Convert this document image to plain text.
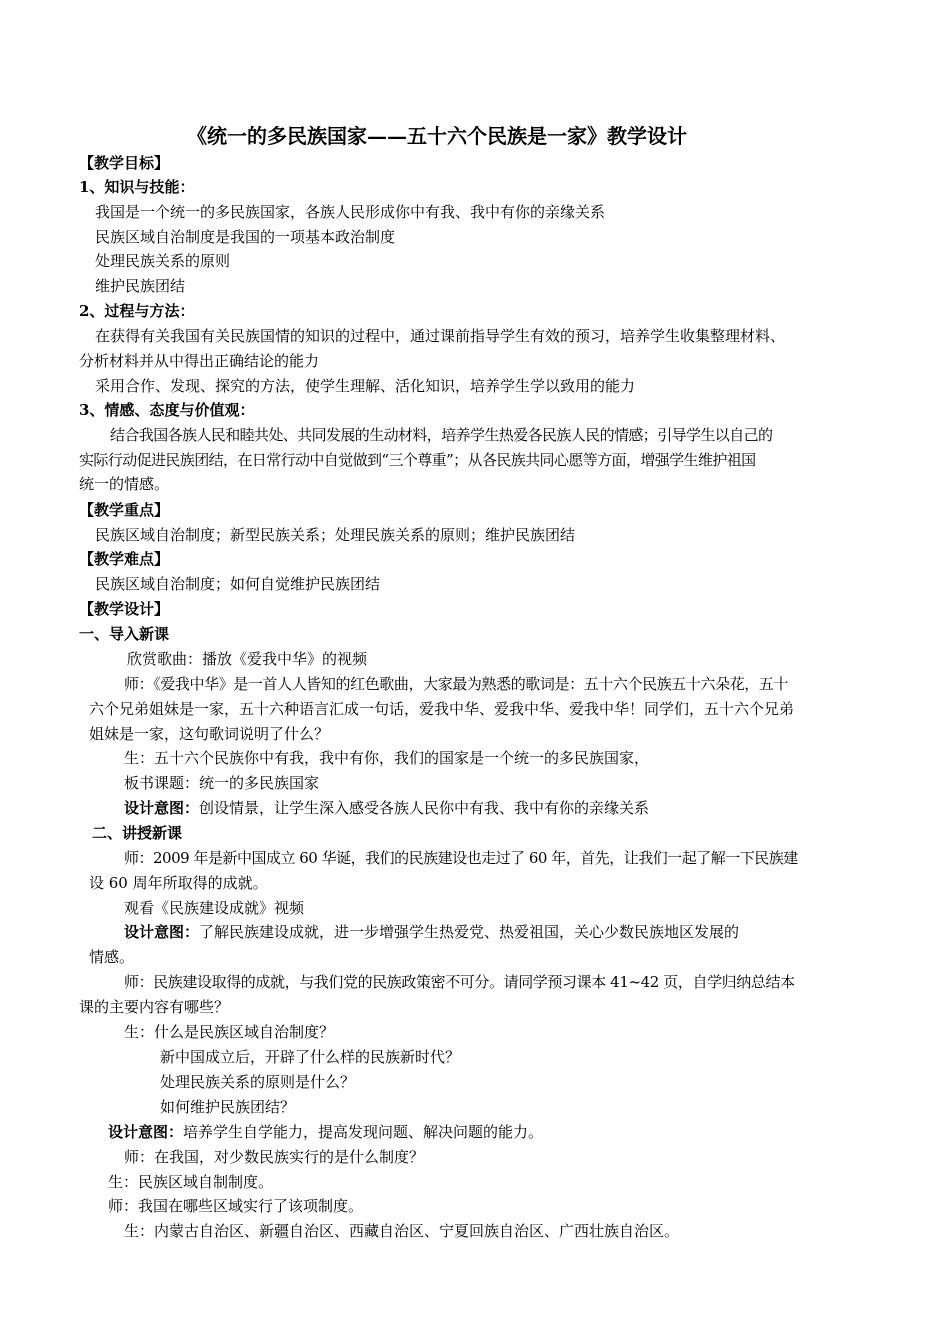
《统一的多民族国家——五十六个民族是一家》教学设计
【教学目标】
1、知识与技能：
我国是一个统一的多民族国家，各族人民形成你中有我、我中有你的亲缘关系
民族区域自治制度是我国的一项基本政治制度
处理民族关系的原则
维护民族团结
2、过程与方法：
在获得有关我国有关民族国情的知识的过程中，通过课前指导学生有效的预习，培养学生收集整理材料、
分析材料并从中得出正确结论的能力
采用合作、发现、探究的方法，使学生理解、活化知识，培养学生学以致用的能力
3、情感、态度与价值观：
结合我国各族人民和睦共处、共同发展的生动材料，培养学生热爱各民族人民的情感；引导学生以自己的
实际行动促进民族团结，在日常行动中自觉做到“三个尊重”；从各民族共同心愿等方面，增强学生维护祖国
统一的情感。
【教学重点】
民族区域自治制度；新型民族关系；处理民族关系的原则；维护民族团结
【教学难点】
民族区域自治制度；如何自觉维护民族团结
【教学设计】
一、导入新课
欣赏歌曲：播放《爱我中华》的视频
师：《爱我中华》是一首人人皆知的红色歌曲，大家最为熟悉的歌词是：五十六个民族五十六朵花，五十
六个兄弟姐妹是一家，五十六种语言汇成一句话，爱我中华、爱我中华、爱我中华！同学们，五十六个兄弟
姐妹是一家，这句歌词说明了什么？
生：五十六个民族你中有我，我中有你，我们的国家是一个统一的多民族国家，
板书课题：统一的多民族国家
设计意图：创设情景，让学生深入感受各族人民你中有我、我中有你的亲缘关系
二、讲授新课
师：2009 年是新中国成立 60 华诞，我们的民族建设也走过了 60 年，首先，让我们一起了解一下民族建
设 60 周年所取得的成就。
观看《民族建设成就》视频
设计意图：了解民族建设成就，进一步增强学生热爱党、热爱祖国，关心少数民族地区发展的
情感。
师：民族建设取得的成就，与我们党的民族政策密不可分。请同学预习课本 41~42 页，自学归纳总结本
课的主要内容有哪些？
生：什么是民族区域自治制度？
新中国成立后，开辟了什么样的民族新时代？
处理民族关系的原则是什么？
如何维护民族团结？
设计意图：培养学生自学能力，提高发现问题、解决问题的能力。
师：在我国，对少数民族实行的是什么制度？
生：民族区域自制制度。
师：我国在哪些区域实行了该项制度。
生：内蒙古自治区、新疆自治区、西藏自治区、宁夏回族自治区、广西壮族自治区。
